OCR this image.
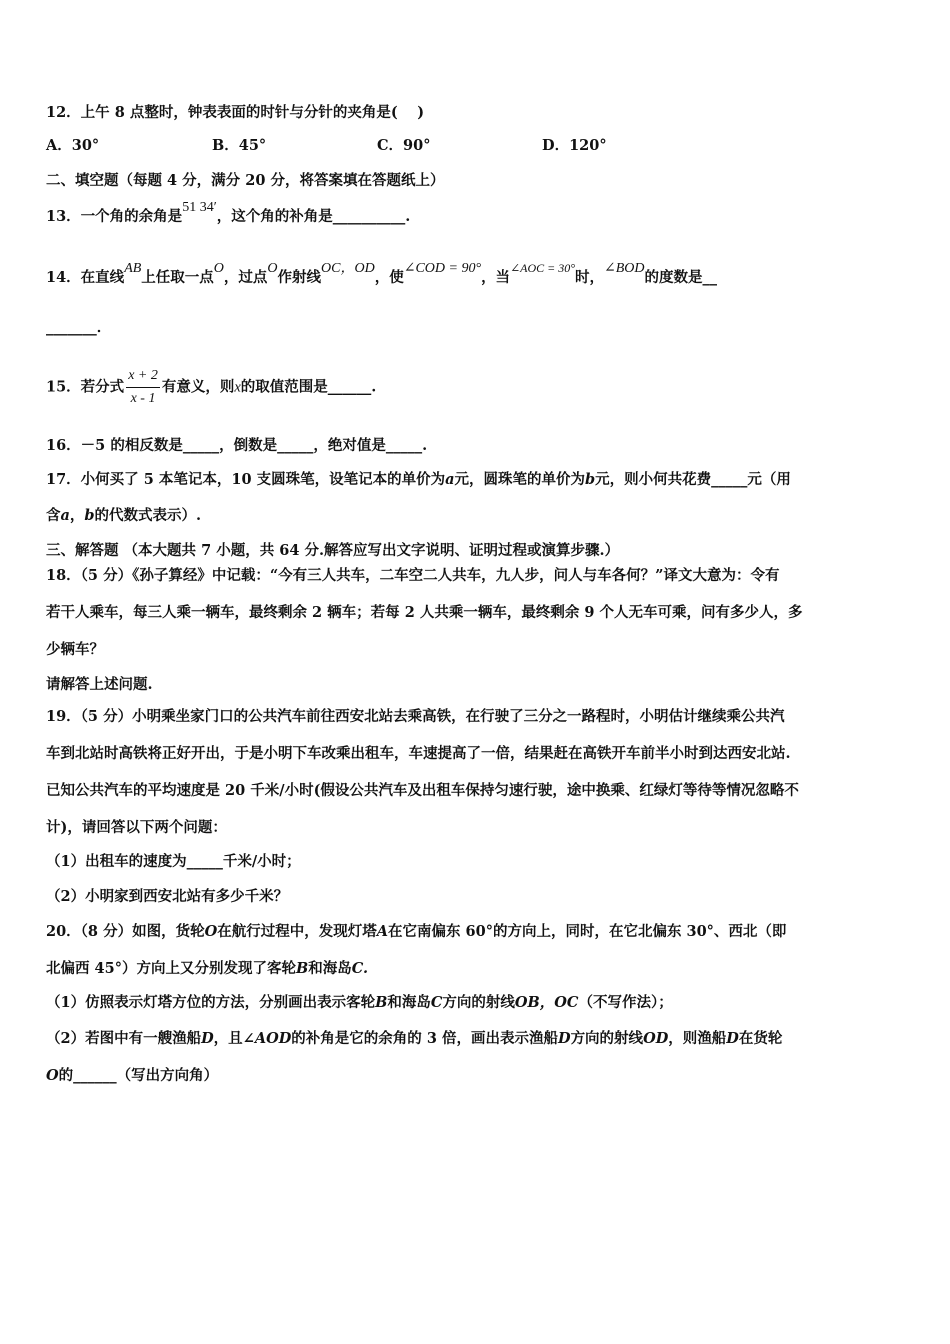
12．上午 8 点整时，钟表表面的时针与分针的夹角是(　 )
A．30°	B．45°	C．90°	D．120°
二、填空题（每题 4 分，满分 20 分，将答案填在答题纸上）
13．一个角的余角是51 34′，这个角的补角是__________.
14．在直线AB上任取一点O，过点O作射线OC，OD，使∠COD = 90°，当$^{\angle AOC = 30^\circ}$时，∠BOD的度数是__
_______．
15．若分式 $\frac{x + 2}{x - 1}$ 有意义，则x的取值范围是______.
16．－5 的相反数是_____，倒数是_____，绝对值是_____.
17．小何买了 5 本笔记本，10 支圆珠笔，设笔记本的单价为a元，圆珠笔的单价为b元，则小何共花费_____元（用
含a，b的代数式表示）.
三、解答题 （本大题共 7 小题，共 64 分.解答应写出文字说明、证明过程或演算步骤.）
18．（5 分）《孙子算经》中记载：“今有三人共车，二车空二人共车，九人步，问人与车各何？”译文大意为：令有
若干人乘车，每三人乘一辆车，最终剩余 2 辆车；若每 2 人共乘一辆车，最终剩余 9 个人无车可乘，问有多少人，多
少辆车？
请解答上述问题.
19．（5 分）小明乘坐家门口的公共汽车前往西安北站去乘高铁，在行驶了三分之一路程时，小明估计继续乘公共汽
车到北站时高铁将正好开出，于是小明下车改乘出租车，车速提高了一倍，结果赶在高铁开车前半小时到达西安北站.
已知公共汽车的平均速度是 20 千米/小时(假设公共汽车及出租车保持匀速行驶，途中换乘、红绿灯等待等情况忽略不
计)，请回答以下两个问题：
（1）出租车的速度为_____千米/小时；
（2）小明家到西安北站有多少千米？
20．（8 分）如图，货轮O在航行过程中，发现灯塔A在它南偏东 60°的方向上，同时，在它北偏东 30°、西北（即
北偏西 45°）方向上又分别发现了客轮B和海岛C.
（1）仿照表示灯塔方位的方法，分别画出表示客轮B和海岛C方向的射线OB，OC（不写作法）；
（2）若图中有一艘渔船D，且∠AOD的补角是它的余角的 3 倍，画出表示渔船D方向的射线OD，则渔船D在货轮
O的______（写出方向角）
